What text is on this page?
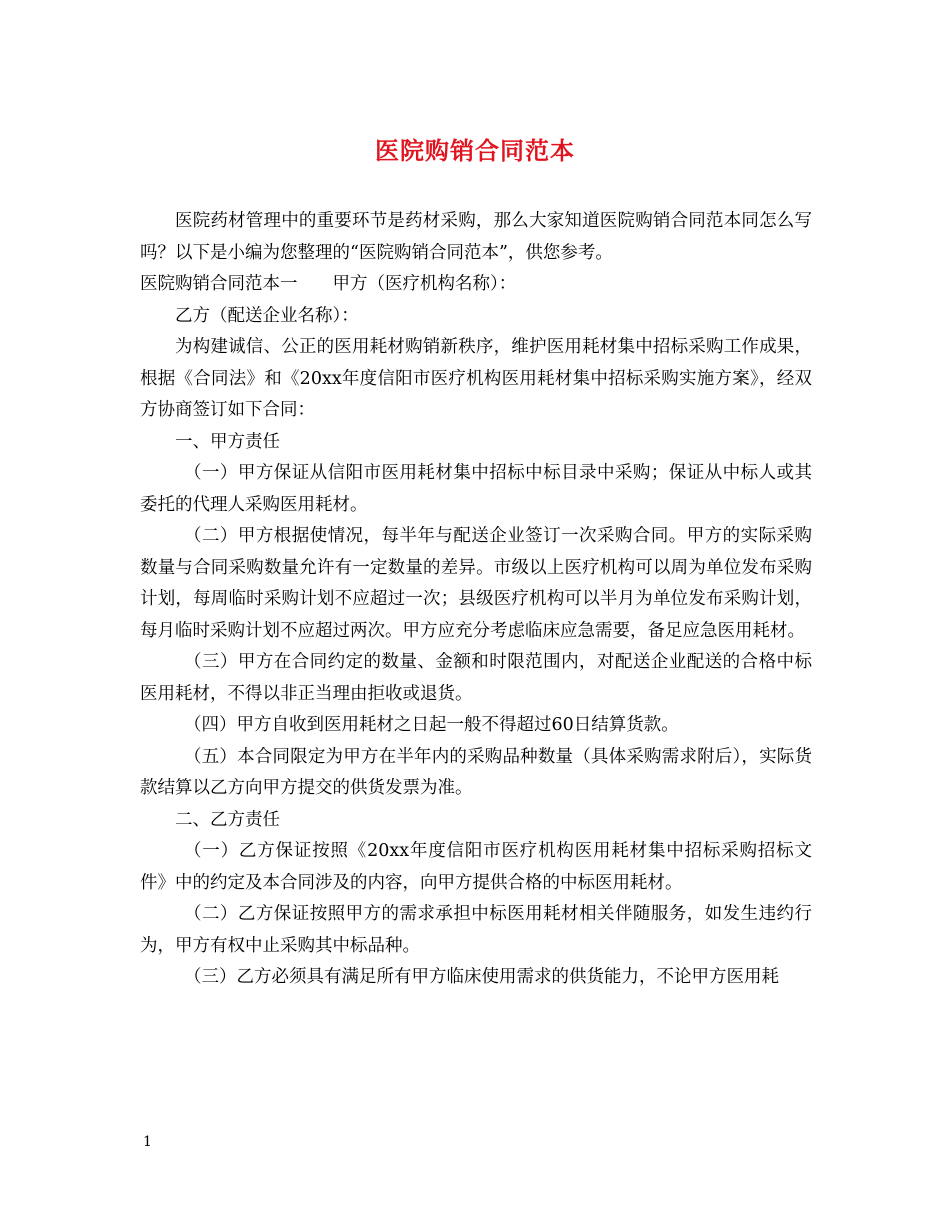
医院购销合同范本

医院药材管理中的重要环节是药材采购，那么大家知道医院购销合同范本同怎么写吗？以下是小编为您整理的“医院购销合同范本”，供您参考。

医院购销合同范本一　　甲方（医疗机构名称）：

乙方（配送企业名称）：

为构建诚信、公正的医用耗材购销新秩序，维护医用耗材集中招标采购工作成果，根据《合同法》和《20xx年度信阳市医疗机构医用耗材集中招标采购实施方案》，经双方协商签订如下合同：

一、甲方责任

（一）甲方保证从信阳市医用耗材集中招标中标目录中采购；保证从中标人或其委托的代理人采购医用耗材。

（二）甲方根据使情况，每半年与配送企业签订一次采购合同。甲方的实际采购数量与合同采购数量允许有一定数量的差异。市级以上医疗机构可以周为单位发布采购计划，每周临时采购计划不应超过一次；县级医疗机构可以半月为单位发布采购计划，每月临时采购计划不应超过两次。甲方应充分考虑临床应急需要，备足应急医用耗材。

（三）甲方在合同约定的数量、金额和时限范围内，对配送企业配送的合格中标医用耗材，不得以非正当理由拒收或退货。

（四）甲方自收到医用耗材之日起一般不得超过60日结算货款。

（五）本合同限定为甲方在半年内的采购品种数量（具体采购需求附后），实际货款结算以乙方向甲方提交的供货发票为准。

二、乙方责任

（一）乙方保证按照《20xx年度信阳市医疗机构医用耗材集中招标采购招标文件》中的约定及本合同涉及的内容，向甲方提供合格的中标医用耗材。

（二）乙方保证按照甲方的需求承担中标医用耗材相关伴随服务，如发生违约行为，甲方有权中止采购其中标品种。

（三）乙方必须具有满足所有甲方临床使用需求的供货能力，不论甲方医用耗

1
